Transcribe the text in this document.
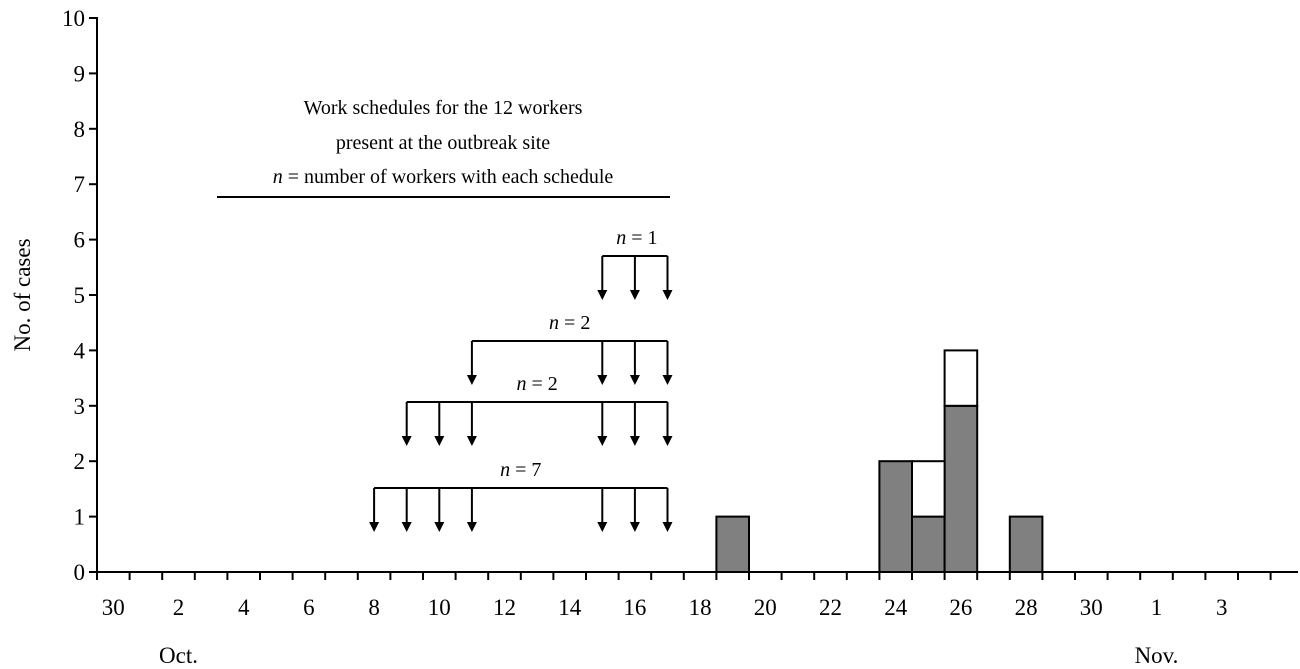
0
1
2
3
4
5
6
7
8
9
10
No. of cases
30 2 4 6 8 10 12 14 16 18 20 22 24 26 28 30 1 3
Oct.	Nov.
Work schedules for the 12 workers
present at the outbreak site
n = number of workers with each schedule
n = 1
n = 2
n = 2
n = 7
